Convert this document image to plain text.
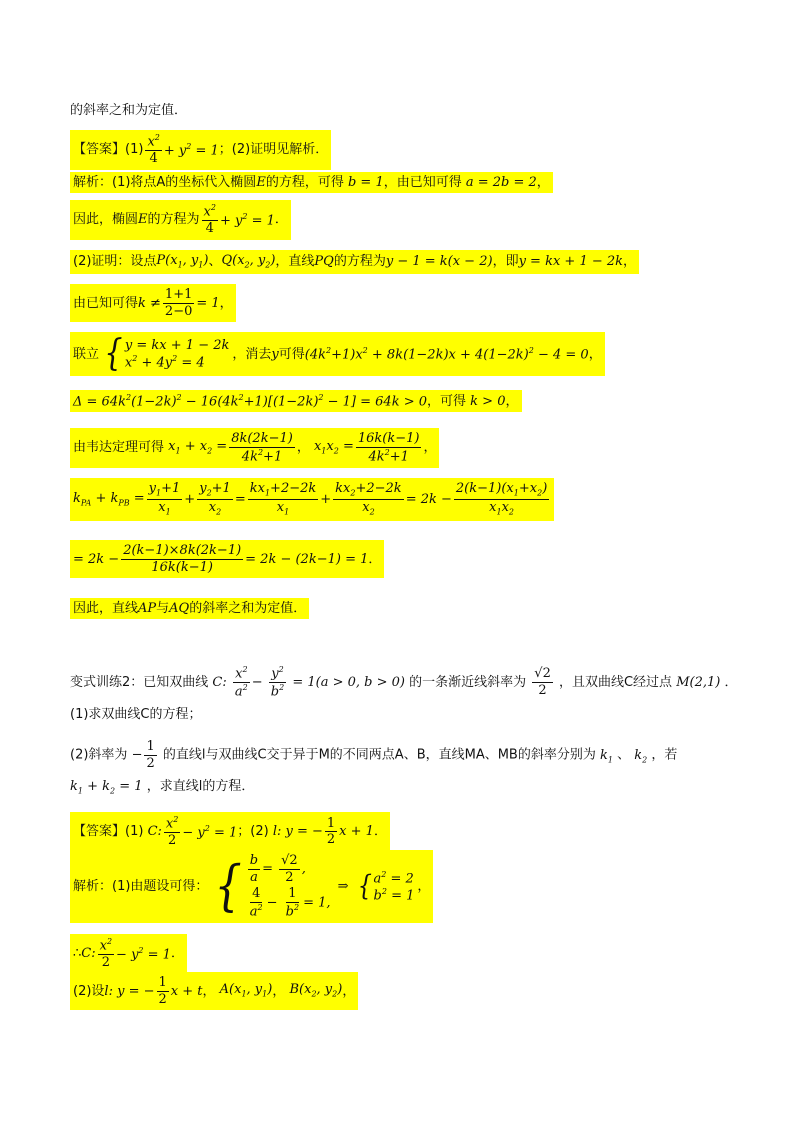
的斜率之和为定值．
【答案】 $(1) \frac{x^2}{4} + y^2 = 1$ ； (2)证明见解析．
解析：(1)将点A的坐标代入椭圆 E 的方程，可得 b = 1 ，由已知可得 a = 2b = 2 ，
因此，椭圆 E 的方程为 $\frac{x^2}{4} + y^2 = 1$ ．
(2)证明：设点 $P(x_1$, $y_1$) 、 $Q(x_2$, $y_2$) ，直线 PQ 的方程为 y − 1 = k(x − 2) ，即 y = kx + 1 − 2k ，
由已知可得 $k \ne \frac{1+1}{2-0} = 1$ ，
联立 { y = kx + 1 − 2k
$x^2 + 4y^2 = 4$
，消去 y 可得 $(4k^2+1)x^2 + 8k(1-2k)x + 4(1-2k)^2 - 4 = 0$ ，
$\Delta = 64k^2(1-2k)^2 - 16(4k^2+1)[(1-2k)^2 - 1] = 64k > 0$ ，可得 k > 0 ，
由韦达定理可得 $x_1 + x_2 = \frac{8k(2k-1)}{4k^2+1}$ ， $x_1x_2 = \frac{16k(k-1)}{4k^2+1}$ ，
$k_{PA} + k_{PB} = \frac{y_1+1}{x_1} + \frac{y_2+1}{x_2} = \frac{kx_1+2-2k}{x_1} + \frac{kx_2+2-2k}{x_2} = 2k - \frac{2(k-1)(x_1+x_2)}{x_1x_2}$
= $2k - \frac{2(k-1)\times 8k(2k-1)}{16k(k-1)} = 2k - (2k-1) = 1$ ．
因此，直线 AP 与 AQ 的斜率之和为定值．
变式训练2：已知双曲线 C: $\frac{x^2}{a^2} - \frac{y^2}{b^2} = 1(a > 0$, b > 0) 的一条渐近线斜率为 $\frac{√2}{2}$ ，且双曲线C经过点 M(2,1) ．
(1)求双曲线C的方程；
(2)斜率为 − $\frac{1}{2}$ 的直线l与双曲线C交于异于M的不同两点A、B，直线MA、MB的斜率分别为 $k_1$ 、 $k_2$ ，若
$k_1 + k_2 = 1$ ，求直线l的方程．
【答案】 (1) C: $\frac{x^2}{2} - y^2 = 1$ ； (2) l: y = − $\frac{1}{2}$ x + 1 ．
解析：(1)由题设可得： { $\frac{b}{a} = \frac{√2}{2}$ ,
$\frac{4}{a^2} - \frac{1}{b^2} = 1$,
⇒ { $a^2 = 2$
$b^2 = 1$
，
∴ C: $\frac{x^2}{2} - y^2 = 1$ ．
(2)设 l: y = − $\frac{1}{2}$ x + t ， $A(x_1$, $y_1$) ， $B(x_2$, $y_2$) ，
